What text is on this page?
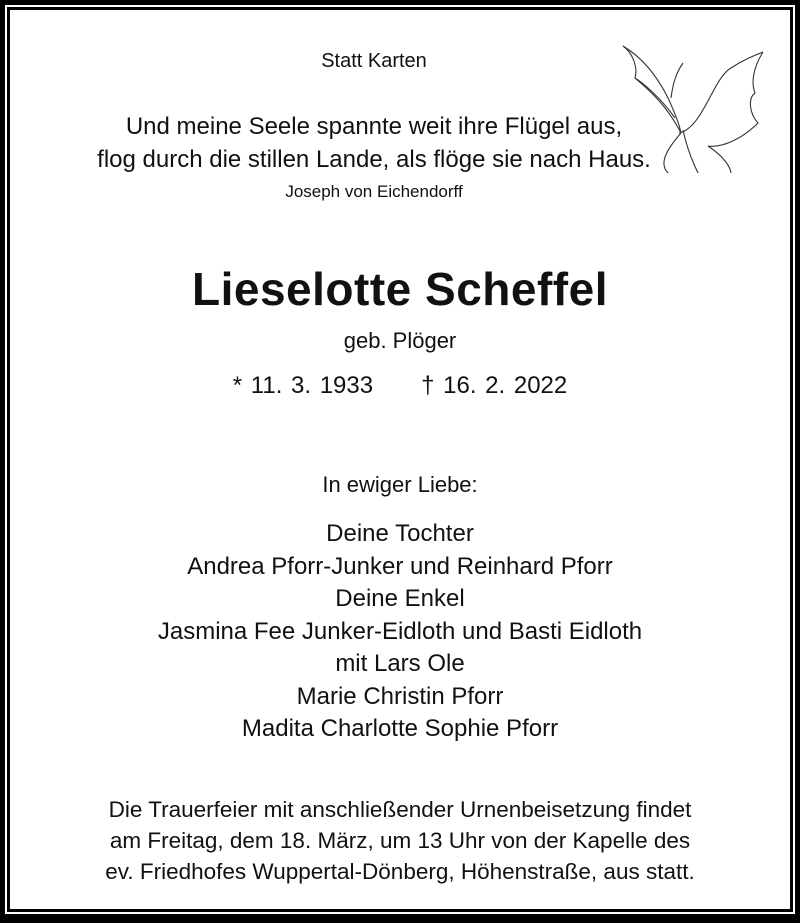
Statt Karten
Und meine Seele spannte weit ihre Flügel aus,
flog durch die stillen Lande, als flöge sie nach Haus.
Joseph von Eichendorff
Lieselotte Scheffel
geb. Plöger
* 11. 3. 1933 † 16. 2. 2022
In ewiger Liebe:
Deine Tochter
Andrea Pforr-Junker und Reinhard Pforr
Deine Enkel
Jasmina Fee Junker-Eidloth und Basti Eidloth
mit Lars Ole
Marie Christin Pforr
Madita Charlotte Sophie Pforr
Die Trauerfeier mit anschließender Urnenbeisetzung findet
am Freitag, dem 18. März, um 13 Uhr von der Kapelle des
ev. Friedhofes Wuppertal-Dönberg, Höhenstraße, aus statt.
